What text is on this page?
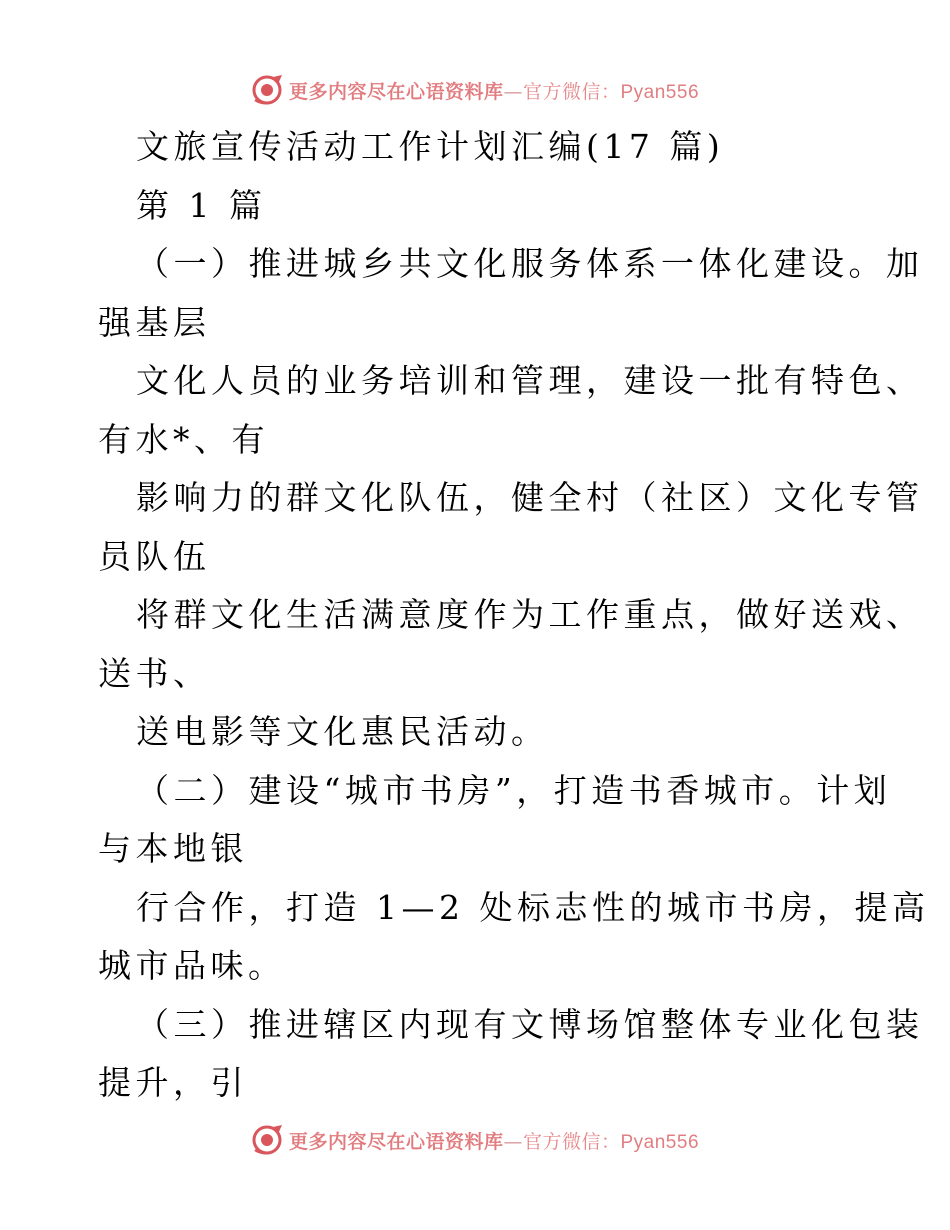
更多内容尽在心语资料库—官方微信：Pyan556
文旅宣传活动工作计划汇编(17 篇)
第 1 篇
（一）推进城乡共文化服务体系一体化建设。加
强基层
文化人员的业务培训和管理，建设一批有特色、
有水*、有
影响力的群文化队伍，健全村（社区）文化专管
员队伍
将群文化生活满意度作为工作重点，做好送戏、
送书、
送电影等文化惠民活动。
（二）建设“城市书房”，打造书香城市。计划
与本地银
行合作，打造 1—2 处标志性的城市书房，提高
城市品味。
（三）推进辖区内现有文博场馆整体专业化包装
提升，引
更多内容尽在心语资料库—官方微信：Pyan556
